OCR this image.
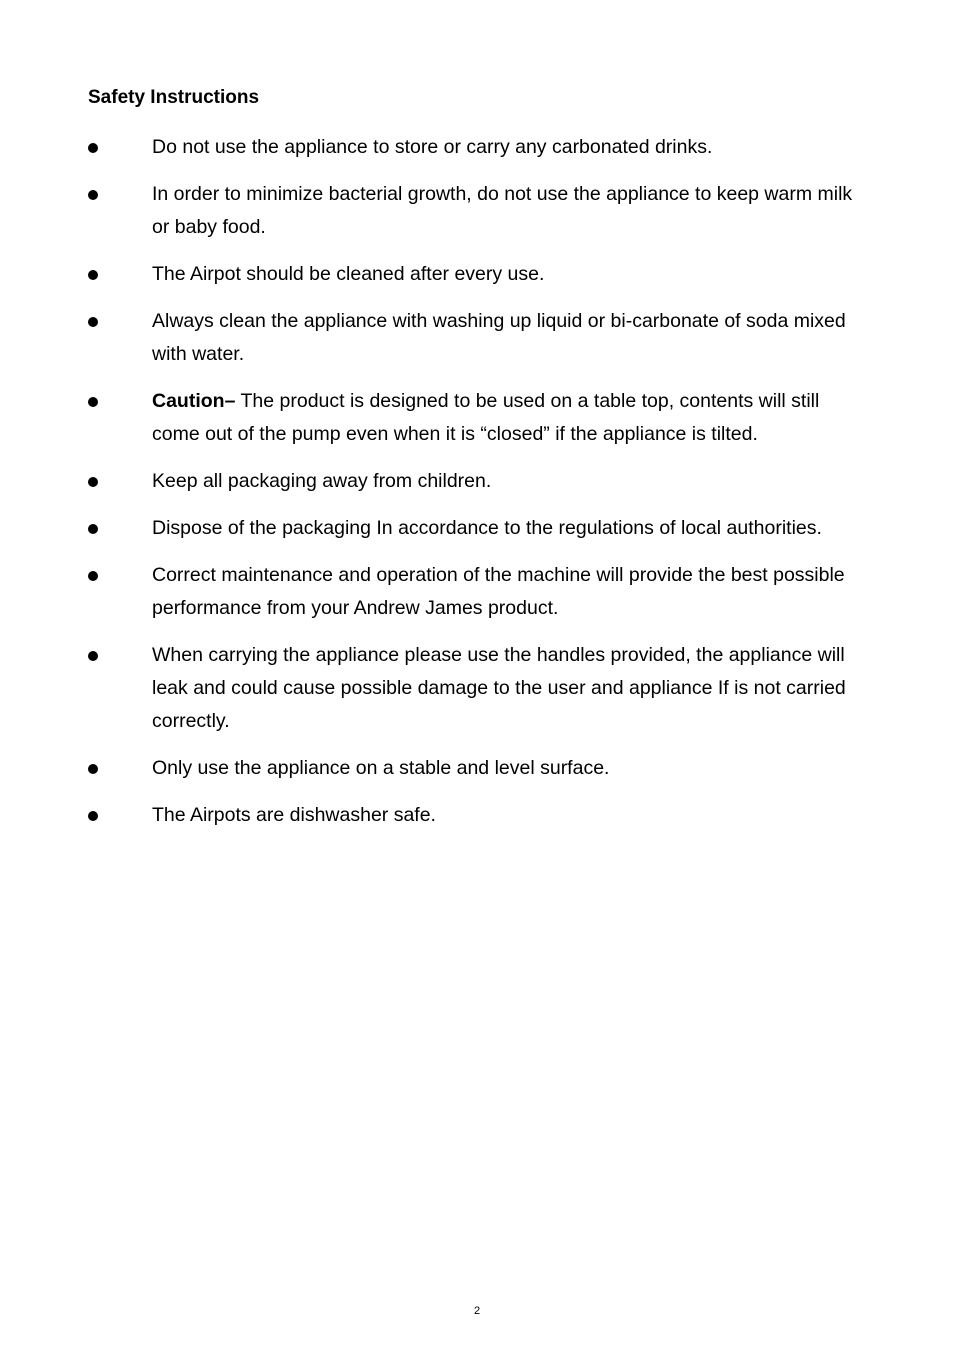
Safety Instructions
Do not use the appliance to store or carry any carbonated drinks.
In order to minimize bacterial growth, do not use the appliance to keep warm milk or baby food.
The Airpot should be cleaned after every use.
Always clean the appliance with washing up liquid or bi-carbonate of soda mixed with water.
Caution– The product is designed to be used on a table top, contents will still come out of the pump even when it is “closed” if the appliance is tilted.
Keep all packaging away from children.
Dispose of the packaging In accordance to the regulations of local authorities.
Correct maintenance and operation of the machine will provide the best possible performance from your Andrew James product.
When carrying the appliance please use the handles provided, the appliance will leak and could cause possible damage to the user and appliance If is not carried correctly.
Only use the appliance on a stable and level surface.
The Airpots are dishwasher safe.
2
